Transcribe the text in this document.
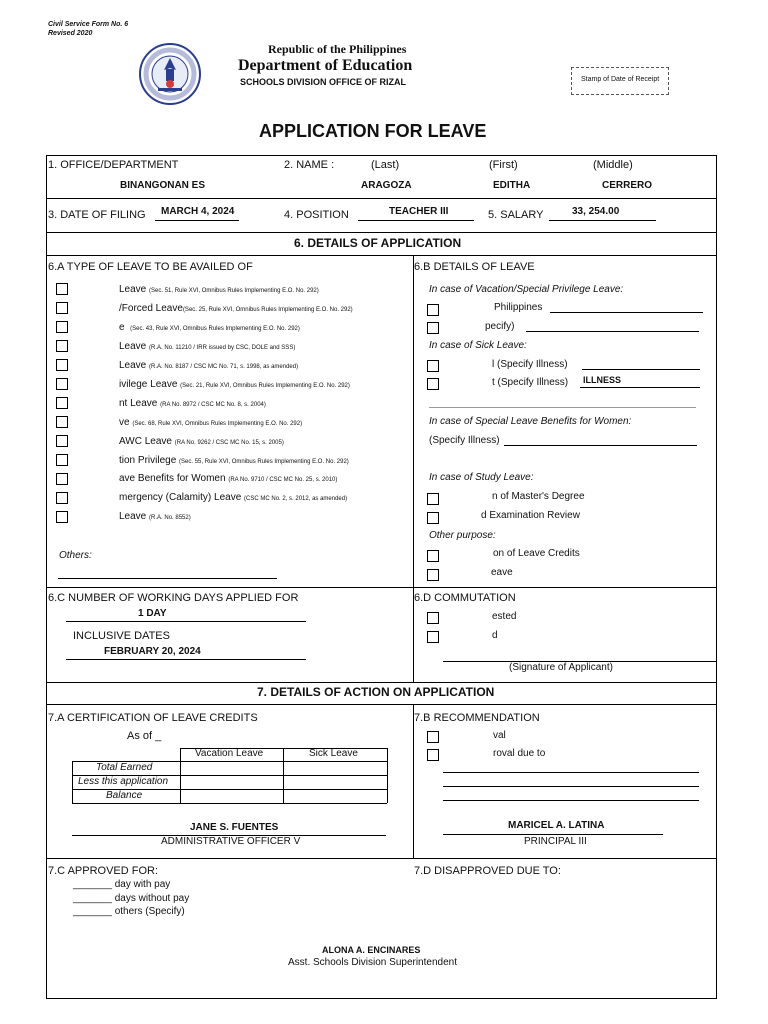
Civil Service Form No. 6
Revised 2020
Republic of the Philippines
Department of Education
SCHOOLS DIVISION OFFICE OF RIZAL	Stamp of Date of Receipt
APPLICATION FOR LEAVE
1. OFFICE/DEPARTMENT
BINANGONAN ES
2. NAME :	(Last)	(First)	(Middle)
ARAGOZA	EDITHA	CERRERO
3. DATE OF FILING MARCH 4, 2024	4. POSITION	TEACHER III	5. SALARY	33, 254.00
6. DETAILS OF APPLICATION
6.A TYPE OF LEAVE TO BE AVAILED OF
Leave (Sec. 51, Rule XVI, Omnibus Rules Implementing E.O. No. 292)
/Forced Leave(Sec. 25, Rule XVI, Omnibus Rules Implementing E.O. No. 292)
e (Sec. 43, Rule XVI, Omnibus Rules Implementing E.O. No. 292)
Leave (R.A. No. 11210 / IRR issued by CSC, DOLE and SSS)
Leave (R.A. No. 8187 / CSC MC No. 71, s. 1998, as amended)
ivilege Leave (Sec. 21, Rule XVI, Omnibus Rules Implementing E.O. No. 292)
nt Leave (RA No. 8972 / CSC MC No. 8, s. 2004)
ve (Sec. 68, Rule XVI, Omnibus Rules Implementing E.O. No. 292)
AWC Leave (RA No. 9262 / CSC MC No. 15, s. 2005)
tion Privilege (Sec. 55, Rule XVI, Omnibus Rules Implementing E.O. No. 292)
ave Benefits for Women (RA No. 9710 / CSC MC No. 25, s. 2010)
mergency (Calamity) Leave (CSC MC No. 2, s. 2012, as amended)
Leave (R.A. No. 8552)
Others:
6.B DETAILS OF LEAVE
In case of Vacation/Special Privilege Leave:
Philippines
pecify)
In case of Sick Leave:
l (Specify Illness)
t (Specify Illness) ILLNESS
In case of Special Leave Benefits for Women:
(Specify Illness)
In case of Study Leave:
n of Master's Degree
d Examination Review
Other purpose:
on of Leave Credits
eave
6.C NUMBER OF WORKING DAYS APPLIED FOR
1 DAY
INCLUSIVE DATES
FEBRUARY 20, 2024
6.D COMMUTATION
ested
d
(Signature of Applicant)
7. DETAILS OF ACTION ON APPLICATION
7.A CERTIFICATION OF LEAVE CREDITS
As of _
Vacation Leave	Sick Leave
Total Earned
Less this application
Balance
JANE S. FUENTES
ADMINISTRATIVE OFFICER V
7.B RECOMMENDATION
val
roval due to
MARICEL A. LATINA
PRINCIPAL III
7.C APPROVED FOR:
_______ day with pay
_______ days without pay
_______ others (Specify)
7.D DISAPPROVED DUE TO:
ALONA A. ENCINARES
Asst. Schools Division Superintendent
